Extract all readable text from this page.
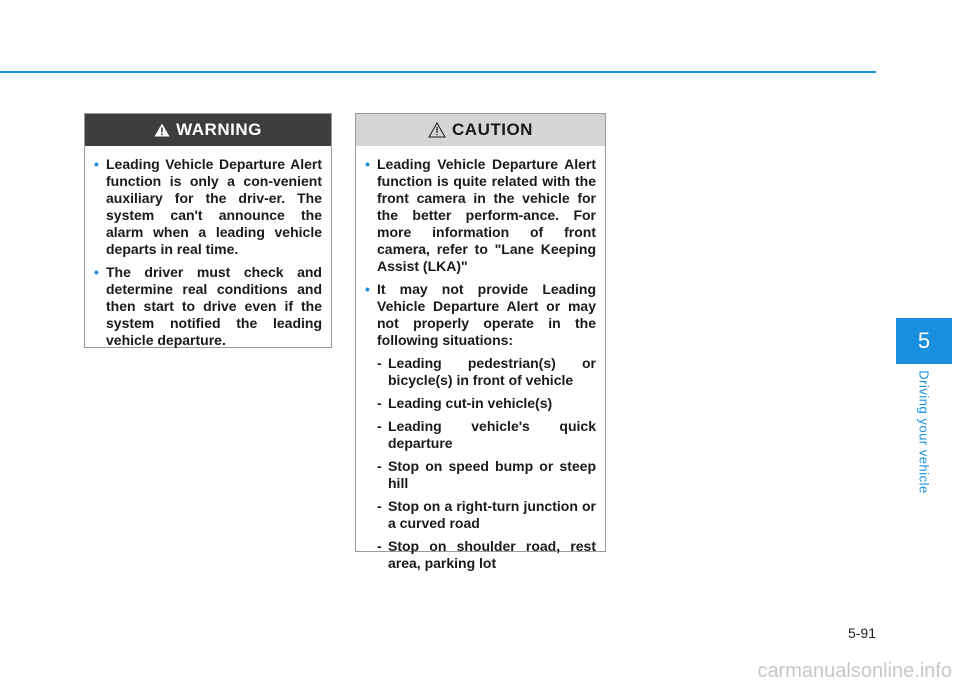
WARNING
• Leading Vehicle Departure Alert function is only a con-venient auxiliary for the driv-er. The system can't announce the alarm when a leading vehicle departs in real time.
• The driver must check and determine real conditions and then start to drive even if the system notified the leading vehicle departure.
CAUTION
• Leading Vehicle Departure Alert function is quite related with the front camera in the vehicle for the better perform-ance. For more information of front camera, refer to "Lane Keeping Assist (LKA)"
• It may not provide Leading Vehicle Departure Alert or may not properly operate in the following situations:
- Leading pedestrian(s) or bicycle(s) in front of vehicle
- Leading cut-in vehicle(s)
- Leading vehicle's quick departure
- Stop on speed bump or steep hill
- Stop on a right-turn junction or a curved road
- Stop on shoulder road, rest area, parking lot
5
Driving your vehicle
5-91
carmanualsonline.info
